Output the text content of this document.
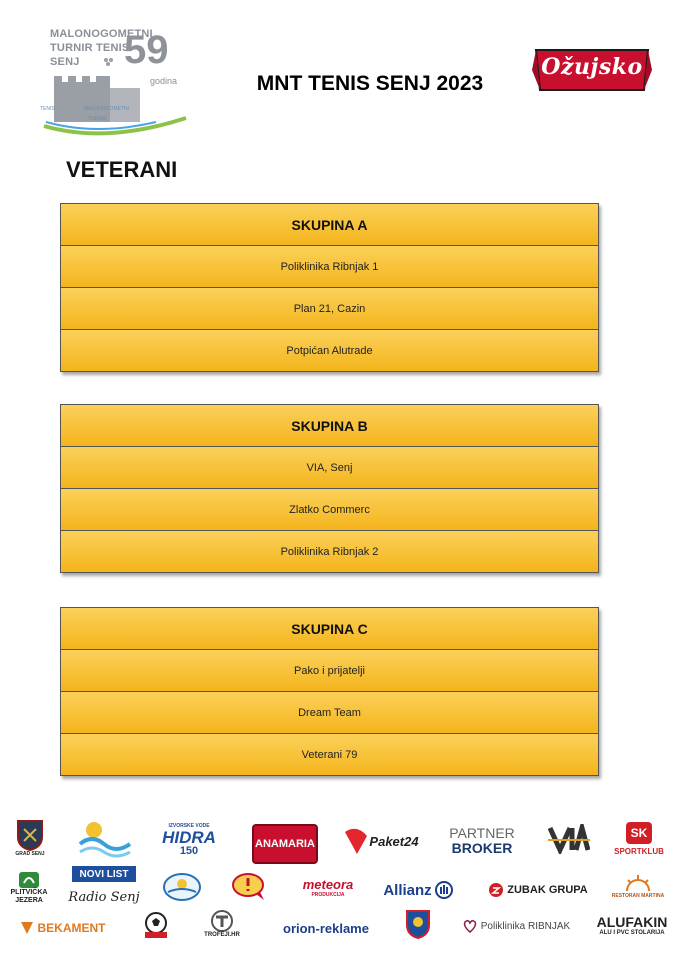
MALONOGOMETNI
TURNIR TENIS
SENJ 59
godina
TENIS	MALONOGOMETNI
TURNIR
MNT TENIS SENJ 2023
Ožujsko
VETERANI
SKUPINA A
Poliklinika Ribnjak 1
Plan 21, Cazin
Potpićan Alutrade
SKUPINA B
VIA, Senj
Zlatko Commerc
Poliklinika Ribnjak 2
SKUPINA C
Pako i prijatelji
Dream Team
Veterani 79
GRAD SENJ
IZVORSKE VODE
HIDRA
150
ANAMARIA	Paket24 PARTNER
BROKER
SK
SPORTKLUB
PLITVIČKA
JEZERA
NOVI LIST
Radio Senj
meteora
PRODUKCIJA	Allianz	ZUBAK GRUPA	RESTORAN MARTINA
BEKAMENT	TROFEJI.HR	orion-reklame	Poliklinika RIBNJAK ALUFAKIN
ALU I PVC STOLARIJA
